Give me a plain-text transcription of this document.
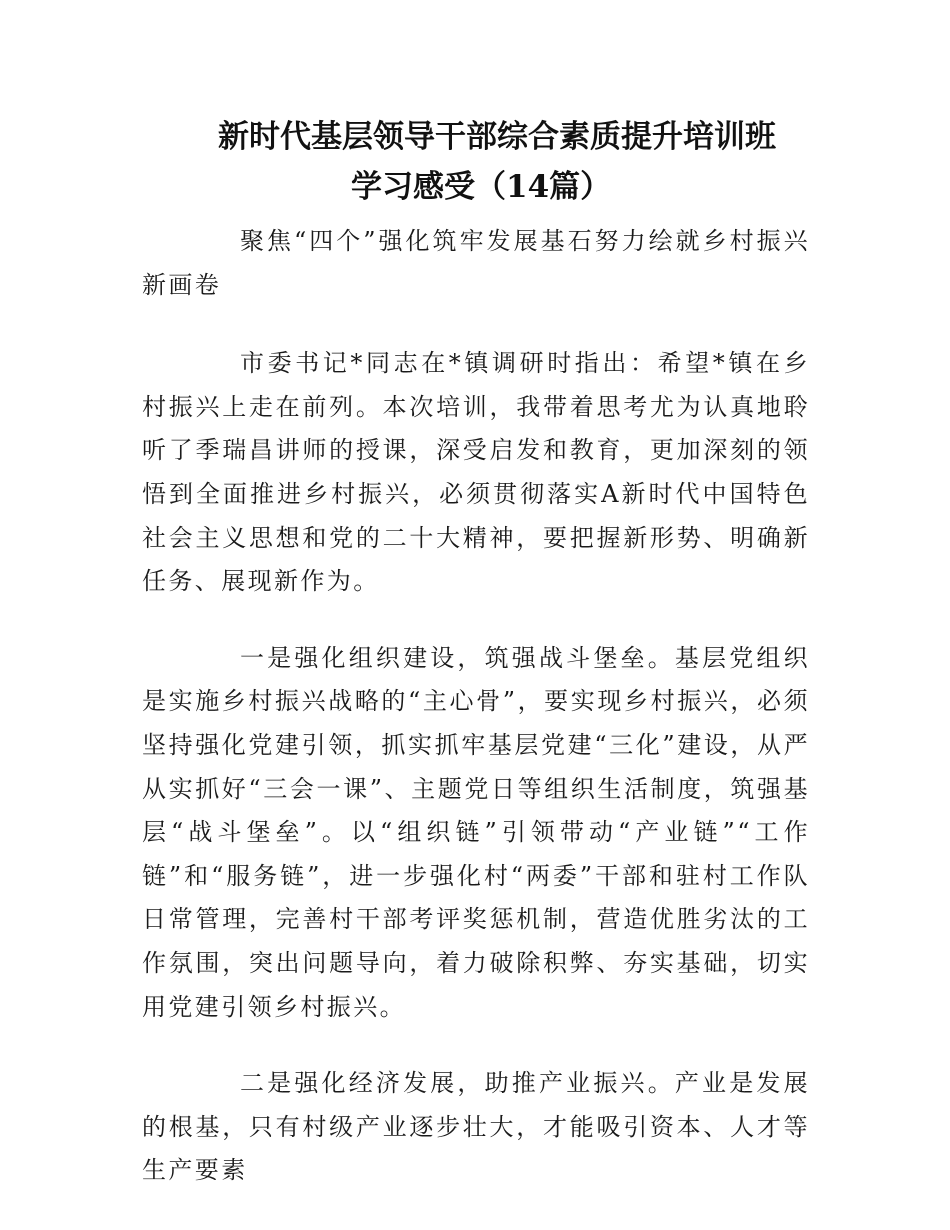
新时代基层领导干部综合素质提升培训班
学习感受（14篇）

聚焦“四个”强化筑牢发展基石努力绘就乡村振兴新画卷

市委书记*同志在*镇调研时指出：希望*镇在乡村振兴上走在前列。本次培训，我带着思考尤为认真地聆听了季瑞昌讲师的授课，深受启发和教育，更加深刻的领悟到全面推进乡村振兴，必须贯彻落实A新时代中国特色社会主义思想和党的二十大精神，要把握新形势、明确新任务、展现新作为。

一是强化组织建设，筑强战斗堡垒。基层党组织是实施乡村振兴战略的“主心骨”，要实现乡村振兴，必须坚持强化党建引领，抓实抓牢基层党建“三化”建设，从严从实抓好“三会一课”、主题党日等组织生活制度，筑强基层“战斗堡垒”。以“组织链”引领带动“产业链”“工作链”和“服务链”，进一步强化村“两委”干部和驻村工作队日常管理，完善村干部考评奖惩机制，营造优胜劣汰的工作氛围，突出问题导向，着力破除积弊、夯实基础，切实用党建引领乡村振兴。

二是强化经济发展，助推产业振兴。产业是发展的根基，只有村级产业逐步壮大，才能吸引资本、人才等生产要素
